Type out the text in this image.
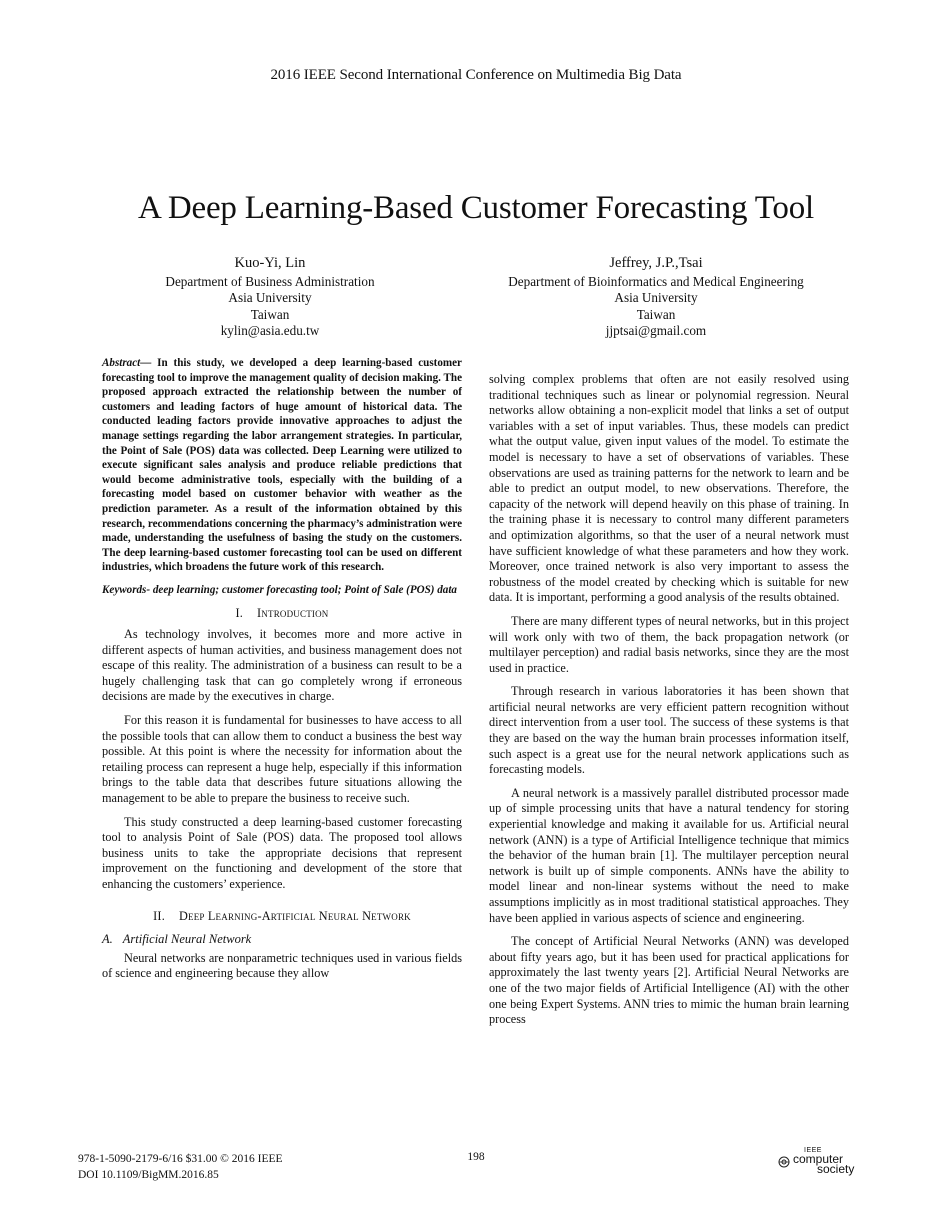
2016 IEEE Second International Conference on Multimedia Big Data
A Deep Learning-Based Customer Forecasting Tool
Kuo-Yi, Lin
Department of Business Administration
Asia University
Taiwan
kylin@asia.edu.tw
Jeffrey, J.P.,Tsai
Department of Bioinformatics and Medical Engineering
Asia University
Taiwan
jjptsai@gmail.com

Abstract— In this study, we developed a deep learning-based customer forecasting tool to improve the management quality of decision making. The proposed approach extracted the relationship between the number of customers and leading factors of huge amount of historical data. The conducted leading factors provide innovative approaches to adjust the manage settings regarding the labor arrangement strategies. In particular, the Point of Sale (POS) data was collected. Deep Learning were utilized to execute significant sales analysis and produce reliable predictions that would become administrative tools, especially with the building of a forecasting model based on customer behavior with weather as the prediction parameter. As a result of the information obtained by this research, recommendations concerning the pharmacy’s administration were made, understanding the usefulness of basing the study on the customers. The deep learning-based customer forecasting tool can be used on different industries, which broadens the future work of this research.

Keywords- deep learning; customer forecasting tool; Point of Sale (POS) data

I. Introduction

As technology involves, it becomes more and more active in different aspects of human activities, and business management does not escape of this reality. The administration of a business can result to be a hugely challenging task that can go completely wrong if erroneous decisions are made by the executives in charge.

For this reason it is fundamental for businesses to have access to all the possible tools that can allow them to conduct a business the best way possible. At this point is where the necessity for information about the retailing process can represent a huge help, especially if this information brings to the table data that describes future situations allowing the management to be able to prepare the business to receive such.

This study constructed a deep learning-based customer forecasting tool to analysis Point of Sale (POS) data. The proposed tool allows business units to take the appropriate decisions that represent improvement on the functioning and development of the store that enhancing the customers’ experience.

II. Deep Learning-Artificial Neural Network
A. Artificial Neural Network

Neural networks are nonparametric techniques used in various fields of science and engineering because they allow

solving complex problems that often are not easily resolved using traditional techniques such as linear or polynomial regression. Neural networks allow obtaining a non-explicit model that links a set of output variables with a set of input variables. Thus, these models can predict what the output value, given input values of the model. To estimate the model is necessary to have a set of observations of variables. These observations are used as training patterns for the network to learn and be able to predict an output model, to new observations. Therefore, the capacity of the network will depend heavily on this phase of training. In the training phase it is necessary to control many different parameters and optimization algorithms, so that the user of a neural network must have sufficient knowledge of what these parameters and how they work. Moreover, once trained network is also very important to assess the robustness of the model created by checking which is suitable for new data. It is important, performing a good analysis of the results obtained.

There are many different types of neural networks, but in this project will work only with two of them, the back propagation network (or multilayer perception) and radial basis networks, since they are the most used in practice.

Through research in various laboratories it has been shown that artificial neural networks are very efficient pattern recognition without direct intervention from a user tool. The success of these systems is that they are based on the way the human brain processes information itself, such aspect is a great use for the neural network applications such as forecasting models.

A neural network is a massively parallel distributed processor made up of simple processing units that have a natural tendency for storing experiential knowledge and making it available for us. Artificial neural network (ANN) is a type of Artificial Intelligence technique that mimics the behavior of the human brain [1]. The multilayer perception neural network is built up of simple components. ANNs have the ability to model linear and non-linear systems without the need to make assumptions implicitly as in most traditional statistical approaches. They have been applied in various aspects of science and engineering.

The concept of Artificial Neural Networks (ANN) was developed about fifty years ago, but it has been used for practical applications for approximately the last twenty years [2]. Artificial Neural Networks are one of the two major fields of Artificial Intelligence (AI) with the other one being Expert Systems. ANN tries to mimic the human brain learning process

978-1-5090-2179-6/16 $31.00 © 2016 IEEE
DOI 10.1109/BigMM.2016.85
198
IEEE
computer
society
